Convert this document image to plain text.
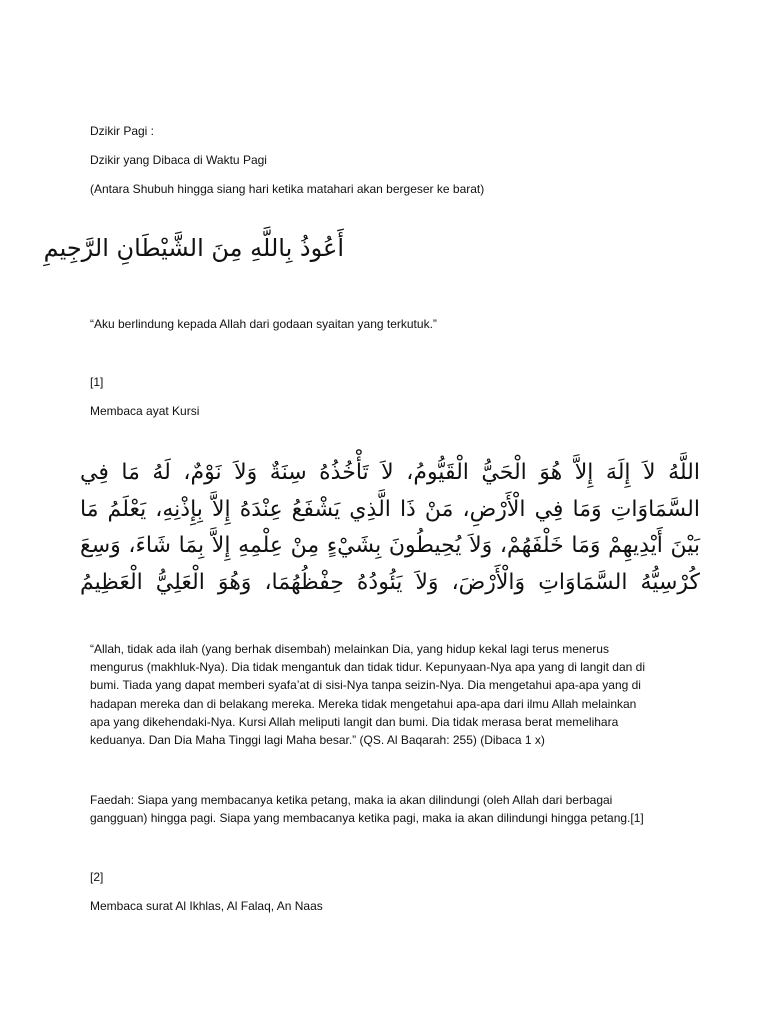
Dzikir Pagi :
Dzikir yang Dibaca di Waktu Pagi
(Antara Shubuh hingga siang hari ketika matahari akan bergeser ke barat)
أَعُوذُ بِاللَّهِ مِنَ الشَّيْطَانِ الرَّجِيمِ
“Aku berlindung kepada Allah dari godaan syaitan yang terkutuk.”
[1]
Membaca ayat Kursi
اللَّهُ لاَ إِلَهَ إِلاَّ هُوَ الْحَيُّ الْقَيُّومُ، لاَ تَأْخُذُهُ سِنَةٌ وَلاَ نَوْمٌ، لَهُ مَا فِي
السَّمَاوَاتِ وَمَا فِي الْأَرْضِ، مَنْ ذَا الَّذِي يَشْفَعُ عِنْدَهُ إِلاَّ بِإِذْنِهِ، يَعْلَمُ مَا
بَيْنَ أَيْدِيهِمْ وَمَا خَلْفَهُمْ، وَلاَ يُحِيطُونَ بِشَيْءٍ مِنْ عِلْمِهِ إِلاَّ بِمَا شَاءَ، وَسِعَ
كُرْسِيُّهُ السَّمَاوَاتِ وَالْأَرْضَ، وَلاَ يَئُودُهُ حِفْظُهُمَا، وَهُوَ الْعَلِيُّ الْعَظِيمُ
“Allah, tidak ada ilah (yang berhak disembah) melainkan Dia, yang hidup kekal lagi terus menerus
mengurus (makhluk-Nya). Dia tidak mengantuk dan tidak tidur. Kepunyaan-Nya apa yang di langit dan di
bumi. Tiada yang dapat memberi syafa’at di sisi-Nya tanpa seizin-Nya. Dia mengetahui apa-apa yang di
hadapan mereka dan di belakang mereka. Mereka tidak mengetahui apa-apa dari ilmu Allah melainkan
apa yang dikehendaki-Nya. Kursi Allah meliputi langit dan bumi. Dia tidak merasa berat memelihara
keduanya. Dan Dia Maha Tinggi lagi Maha besar.” (QS. Al Baqarah: 255) (Dibaca 1 x)
Faedah: Siapa yang membacanya ketika petang, maka ia akan dilindungi (oleh Allah dari berbagai
gangguan) hingga pagi. Siapa yang membacanya ketika pagi, maka ia akan dilindungi hingga petang.[1]
[2]
Membaca surat Al Ikhlas, Al Falaq, An Naas
